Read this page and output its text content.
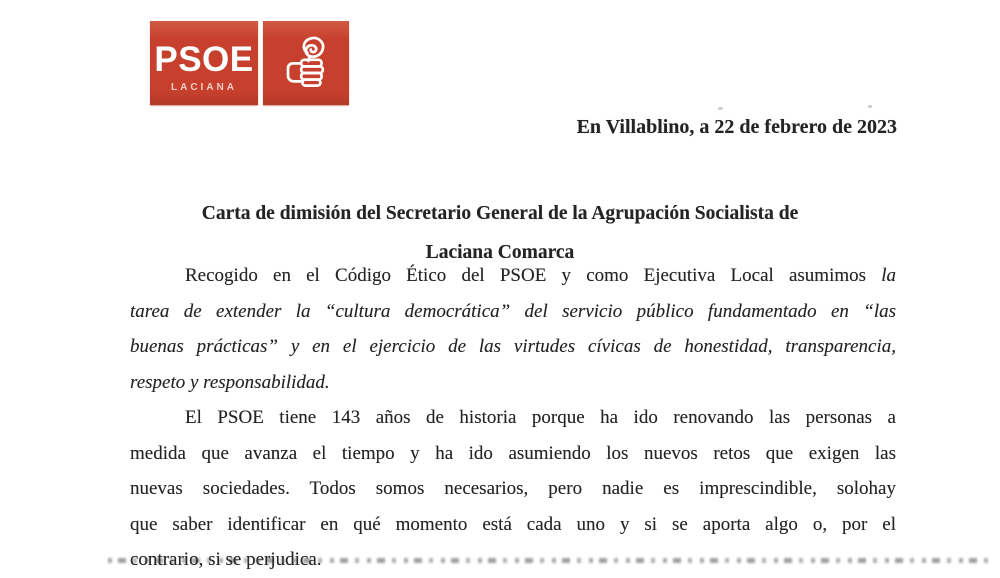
PSOE
LACIANA
En Villablino, a 22 de febrero de 2023
Carta de dimisión del Secretario General de la Agrupación Socialista de
Laciana Comarca
Recogido en el Código Ético del PSOE y como Ejecutiva Local asumimos la
tarea de extender la “cultura democrática” del servicio público fundamentado en “las
buenas prácticas” y en el ejercicio de las virtudes cívicas de honestidad, transparencia,
respeto y responsabilidad.
El PSOE tiene 143 años de historia porque ha ido renovando las personas a
medida que avanza el tiempo y ha ido asumiendo los nuevos retos que exigen las
nuevas sociedades. Todos somos necesarios, pero nadie es imprescindible, solohay
que saber identificar en qué momento está cada uno y si se aporta algo o, por el
contrario, si se perjudica.
